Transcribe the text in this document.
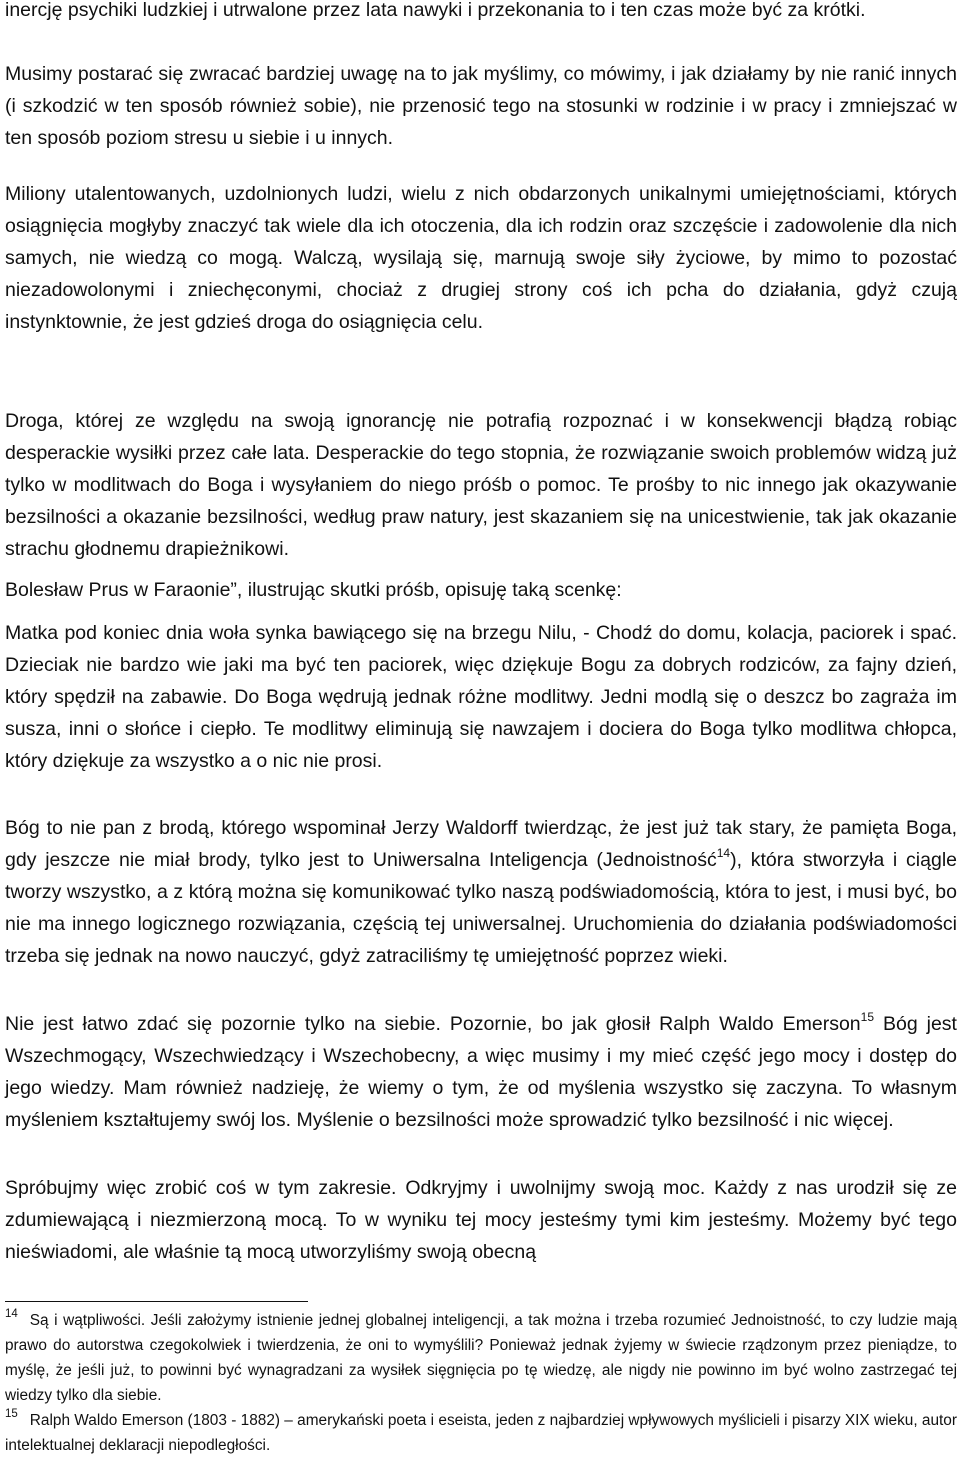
inercję psychiki ludzkiej i utrwalone przez lata nawyki i przekonania to i ten czas może być za krótki.

Musimy postarać się zwracać bardziej uwagę na to jak myślimy, co mówimy, i jak działamy by nie ranić innych (i szkodzić w ten sposób również sobie), nie przenosić tego na stosunki w rodzinie i w pracy i zmniejszać w ten sposób poziom stresu u siebie i u innych.

Miliony utalentowanych, uzdolnionych ludzi, wielu z nich obdarzonych unikalnymi umiejętnościami, których osiągnięcia mogłyby znaczyć tak wiele dla ich otoczenia, dla ich rodzin oraz szczęście i zadowolenie dla nich samych, nie wiedzą co mogą. Walczą, wysilają się, marnują swoje siły życiowe, by mimo to pozostać niezadowolonymi i zniechęconymi, chociaż z drugiej strony coś ich pcha do działania, gdyż czują instynktownie, że jest gdzieś droga do osiągnięcia celu.

Droga, której ze względu na swoją ignorancję nie potrafią rozpoznać i w konsekwencji błądzą robiąc desperackie wysiłki przez całe lata. Desperackie do tego stopnia, że rozwiązanie swoich problemów widzą już tylko w modlitwach do Boga i wysyłaniem do niego próśb o pomoc. Te prośby to nic innego jak okazywanie bezsilności a okazanie bezsilności, według praw natury, jest skazaniem się na unicestwienie, tak jak okazanie strachu głodnemu drapieżnikowi.

Bolesław Prus w Faraonie”, ilustrując skutki próśb, opisuję taką scenkę:

Matka pod koniec dnia woła synka bawiącego się na brzegu Nilu, - Chodź do domu, kolacja, paciorek i spać. Dzieciak nie bardzo wie jaki ma być ten paciorek, więc dziękuje Bogu za dobrych rodziców, za fajny dzień, który spędził na zabawie. Do Boga wędrują jednak różne modlitwy. Jedni modlą się o deszcz bo zagraża im susza, inni o słońce i ciepło. Te modlitwy eliminują się nawzajem i dociera do Boga tylko modlitwa chłopca, który dziękuje za wszystko a o nic nie prosi.

Bóg to nie pan z brodą, którego wspominał Jerzy Waldorff twierdząc, że jest już tak stary, że pamięta Boga, gdy jeszcze nie miał brody, tylko jest to Uniwersalna Inteligencja (Jednoistność$^{14}$), która stworzyła i ciągle tworzy wszystko, a z którą można się komunikować tylko naszą podświadomością, która to jest, i musi być, bo nie ma innego logicznego rozwiązania, częścią tej uniwersalnej. Uruchomienia do działania podświadomości trzeba się jednak na nowo nauczyć, gdyż zatraciliśmy tę umiejętność poprzez wieki.

Nie jest łatwo zdać się pozornie tylko na siebie. Pozornie, bo jak głosił Ralph Waldo Emerson$^{15}$ Bóg jest Wszechmogący, Wszechwiedzący i Wszechobecny, a więc musimy i my mieć część jego mocy i dostęp do jego wiedzy. Mam również nadzieję, że wiemy o tym, że od myślenia wszystko się zaczyna. To własnym myśleniem kształtujemy swój los. Myślenie o bezsilności może sprowadzić tylko bezsilność i nic więcej.

Spróbujmy więc zrobić coś w tym zakresie. Odkryjmy i uwolnijmy swoją moc. Każdy z nas urodził się ze zdumiewającą i niezmierzoną mocą. To w wyniku tej mocy jesteśmy tymi kim jesteśmy. Możemy być tego nieświadomi, ale właśnie tą mocą utworzyliśmy swoją obecną

$^{14}$ Są i wątpliwości. Jeśli założymy istnienie jednej globalnej inteligencji, a tak można i trzeba rozumieć Jednoistność, to czy ludzie mają prawo do autorstwa czegokolwiek i twierdzenia, że oni to wymyślili? Ponieważ jednak żyjemy w świecie rządzonym przez pieniądze, to myślę, że jeśli już, to powinni być wynagradzani za wysiłek sięgnięcia po tę wiedzę, ale nigdy nie powinno im być wolno zastrzegać tej wiedzy tylko dla siebie.

$^{15}$ Ralph Waldo Emerson (1803 - 1882) – amerykański poeta i eseista, jeden z najbardziej wpływowych myślicieli i pisarzy XIX wieku, autor intelektualnej deklaracji niepodległości.
